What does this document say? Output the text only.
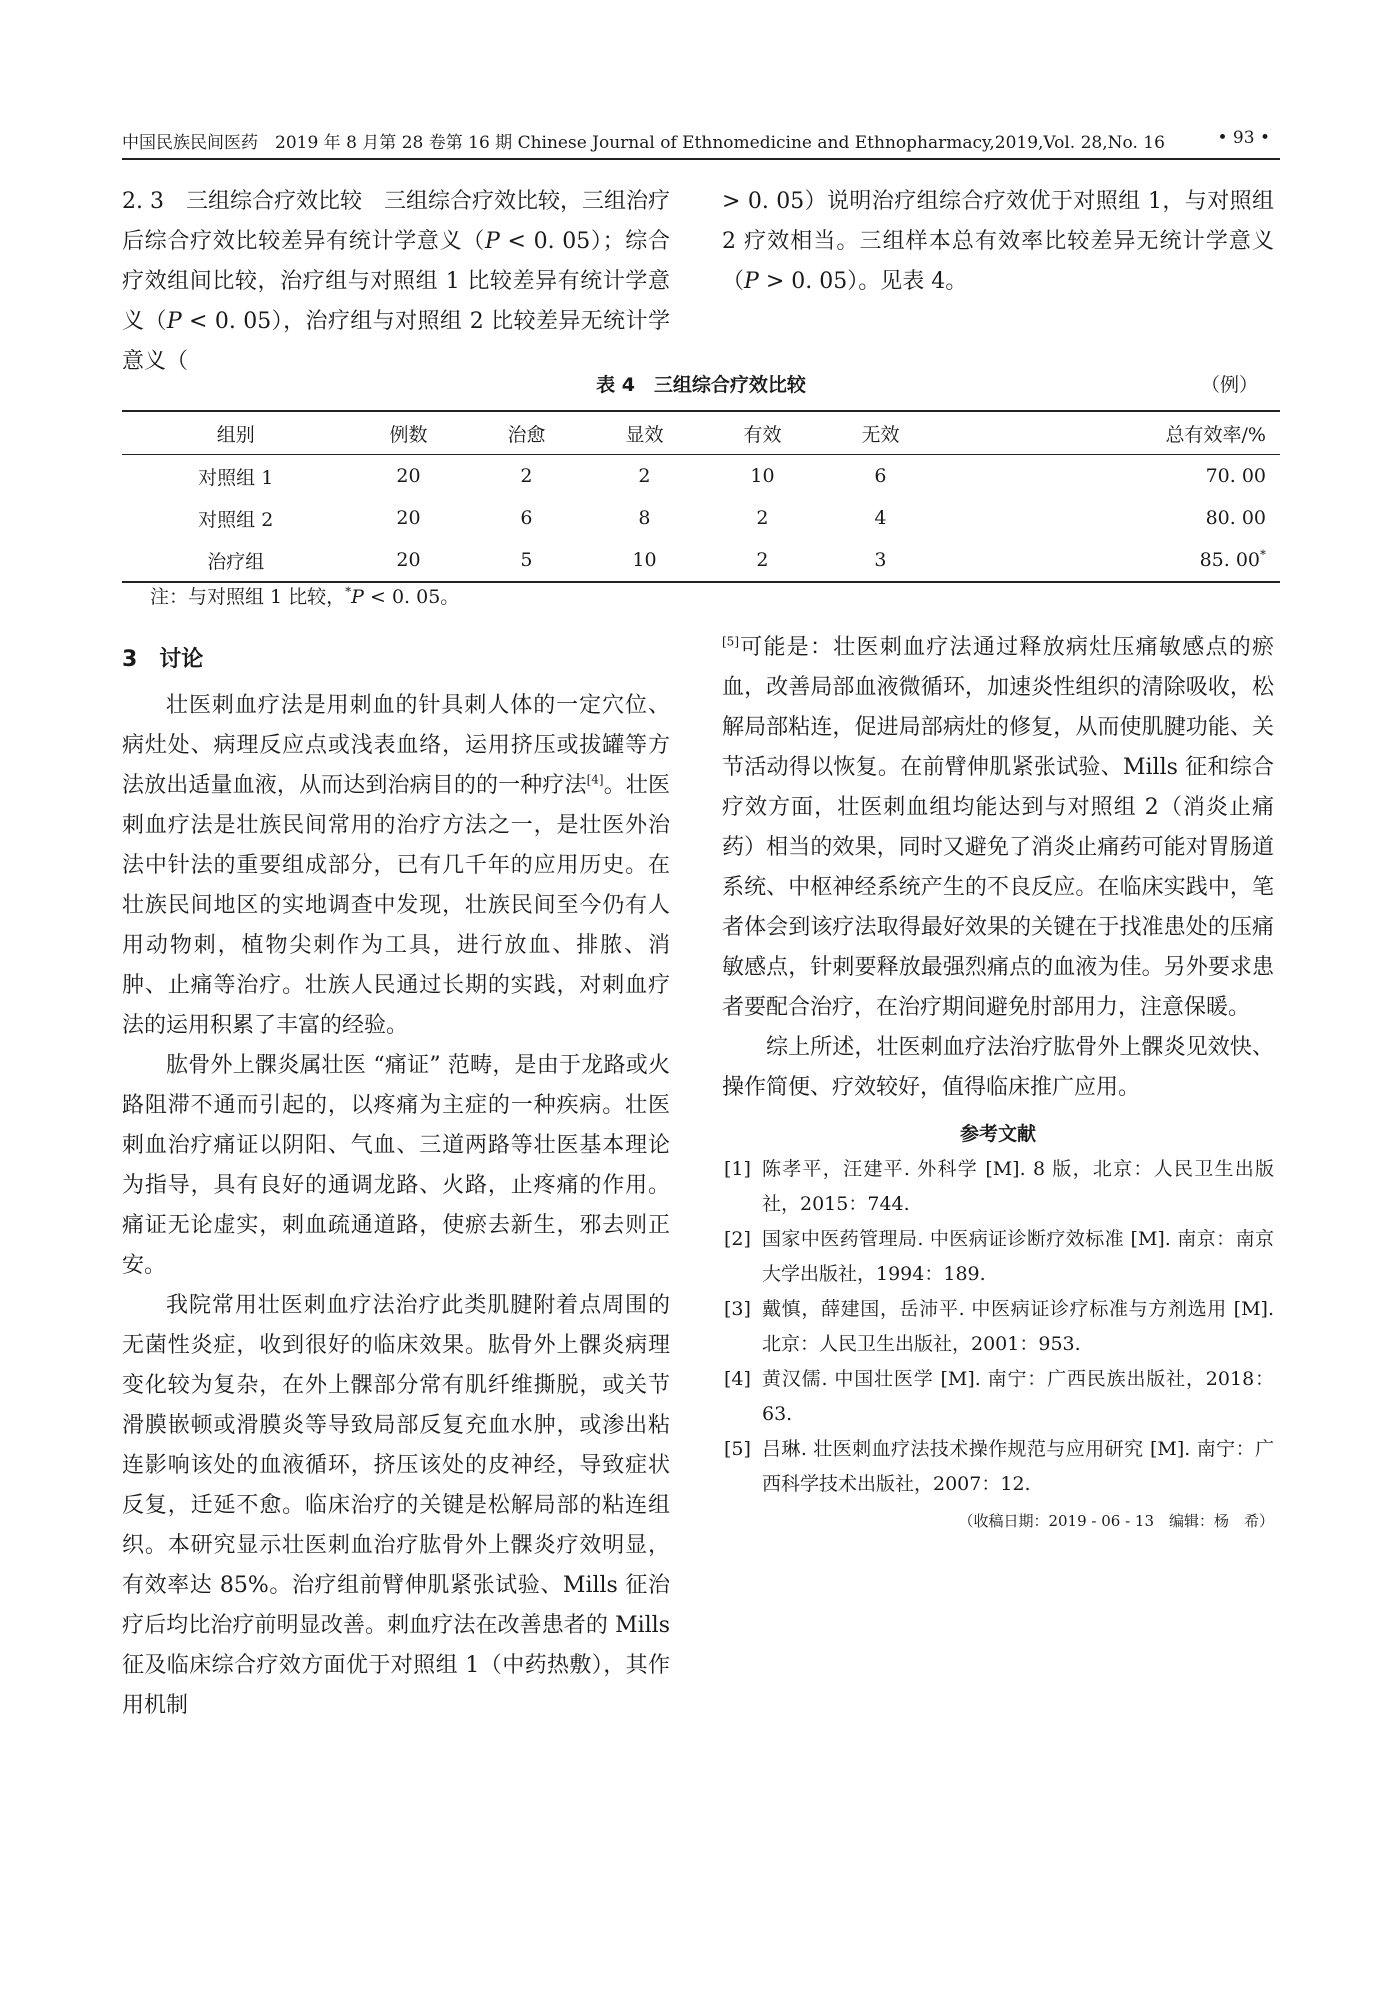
中国民族民间医药　2019 年 8 月第 28 卷第 16 期 Chinese Journal of Ethnomedicine and Ethnopharmacy,2019,Vol. 28,No. 16	• 93 •

2. 3　三组综合疗效比较　三组综合疗效比较，三组治疗后综合疗效比较差异有统计学意义（P < 0. 05）；综合疗效组间比较，治疗组与对照组 1 比较差异有统计学意义（P < 0. 05），治疗组与对照组 2 比较差异无统计学意义（

> 0. 05）说明治疗组综合疗效优于对照组 1，与对照组 2 疗效相当。三组样本总有效率比较差异无统计学意义（P > 0. 05）。见表 4。

表 4　三组综合疗效比较	（例）
组别	例数	治愈	显效	有效	无效	总有效率/%
对照组 1	20	2	2	10	6	70. 00
对照组 2	20	6	8	2	4	80. 00
治疗组	20	5	10	2	3	85. 00*
注：与对照组 1 比较，*P < 0. 05。

3　讨论

壮医刺血疗法是用刺血的针具刺人体的一定穴位、病灶处、病理反应点或浅表血络，运用挤压或拔罐等方法放出适量血液，从而达到治病目的的一种疗法[4]。壮医刺血疗法是壮族民间常用的治疗方法之一，是壮医外治法中针法的重要组成部分，已有几千年的应用历史。在壮族民间地区的实地调查中发现，壮族民间至今仍有人用动物刺，植物尖刺作为工具，进行放血、排脓、消肿、止痛等治疗。壮族人民通过长期的实践，对刺血疗法的运用积累了丰富的经验。

肱骨外上髁炎属壮医 “痛证” 范畴，是由于龙路或火路阻滞不通而引起的，以疼痛为主症的一种疾病。壮医刺血治疗痛证以阴阳、气血、三道两路等壮医基本理论为指导，具有良好的通调龙路、火路，止疼痛的作用。痛证无论虚实，刺血疏通道路，使瘀去新生，邪去则正安。

我院常用壮医刺血疗法治疗此类肌腱附着点周围的无菌性炎症，收到很好的临床效果。肱骨外上髁炎病理变化较为复杂，在外上髁部分常有肌纤维撕脱，或关节滑膜嵌顿或滑膜炎等导致局部反复充血水肿，或渗出粘连影响该处的血液循环，挤压该处的皮神经，导致症状反复，迁延不愈。临床治疗的关键是松解局部的粘连组织。本研究显示壮医刺血治疗肱骨外上髁炎疗效明显，有效率达 85%。治疗组前臂伸肌紧张试验、Mills 征治疗后均比治疗前明显改善。刺血疗法在改善患者的 Mills 征及临床综合疗效方面优于对照组 1（中药热敷），其作用机制

[5]可能是：壮医刺血疗法通过释放病灶压痛敏感点的瘀血，改善局部血液微循环，加速炎性组织的清除吸收，松解局部粘连，促进局部病灶的修复，从而使肌腱功能、关节活动得以恢复。在前臂伸肌紧张试验、Mills 征和综合疗效方面，壮医刺血组均能达到与对照组 2（消炎止痛药）相当的效果，同时又避免了消炎止痛药可能对胃肠道系统、中枢神经系统产生的不良反应。在临床实践中，笔者体会到该疗法取得最好效果的关键在于找准患处的压痛敏感点，针刺要释放最强烈痛点的血液为佳。另外要求患者要配合治疗，在治疗期间避免肘部用力，注意保暖。

综上所述，壮医刺血疗法治疗肱骨外上髁炎见效快、操作简便、疗效较好，值得临床推广应用。

参考文献
[1] 陈孝平，汪建平. 外科学 [M]. 8 版，北京：人民卫生出版社，2015：744.
[2] 国家中医药管理局. 中医病证诊断疗效标准 [M]. 南京：南京大学出版社，1994：189.
[3] 戴慎，薛建国，岳沛平. 中医病证诊疗标准与方剂选用 [M]. 北京：人民卫生出版社，2001：953.
[4] 黄汉儒. 中国壮医学 [M]. 南宁：广西民族出版社，2018：63.
[5] 吕琳. 壮医刺血疗法技术操作规范与应用研究 [M]. 南宁：广西科学技术出版社，2007：12.
（收稿日期：2019 - 06 - 13　编辑：杨　希）
